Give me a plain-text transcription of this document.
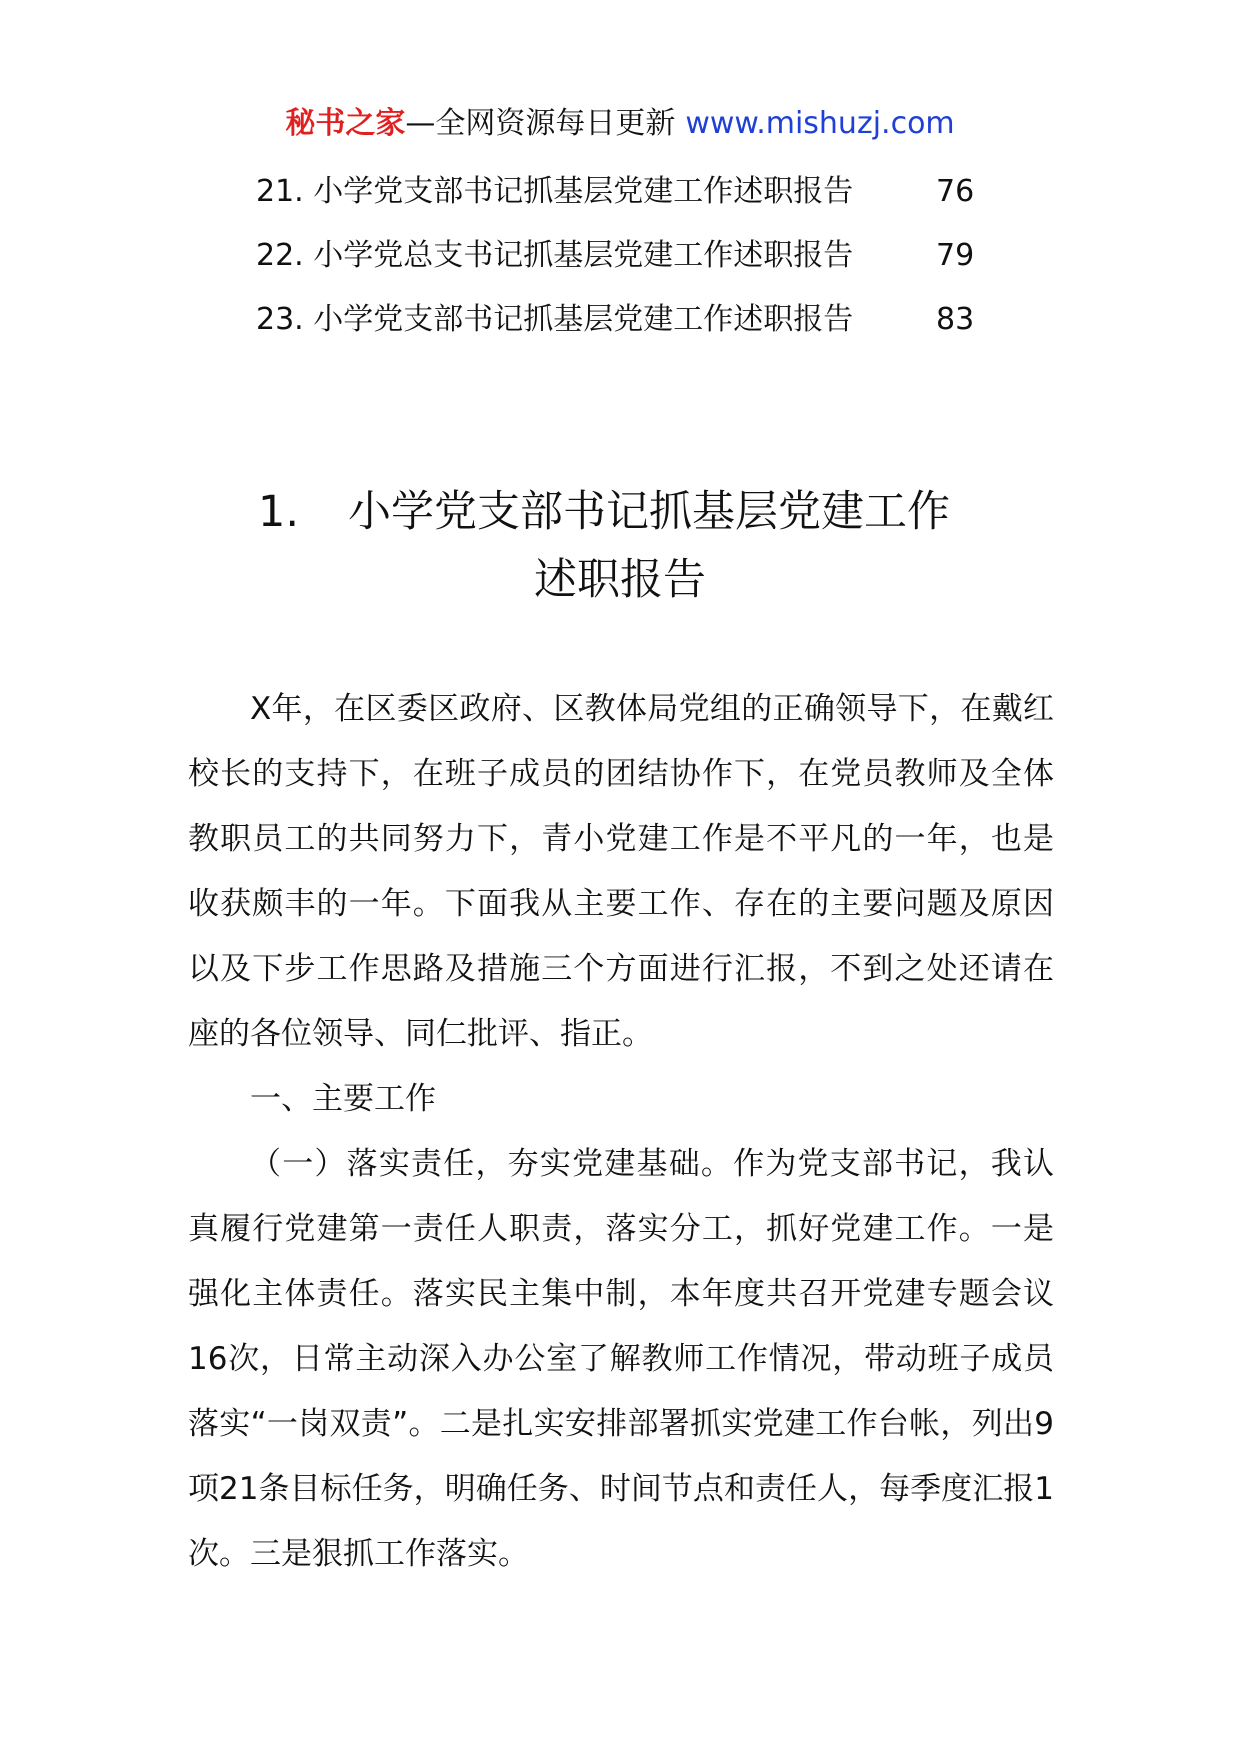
秘书之家—全网资源每日更新 www.mishuzj.com
21. 小学党支部书记抓基层党建工作述职报告	76
22. 小学党总支书记抓基层党建工作述职报告	79
23. 小学党支部书记抓基层党建工作述职报告	83
1. 小学党支部书记抓基层党建工作
述职报告

X年，在区委区政府、区教体局党组的正确领导下，在戴红校长的支持下，在班子成员的团结协作下，在党员教师及全体教职员工的共同努力下，青小党建工作是不平凡的一年，也是收获颇丰的一年。下面我从主要工作、存在的主要问题及原因以及下步工作思路及措施三个方面进行汇报，不到之处还请在座的各位领导、同仁批评、指正。

一、主要工作

（一）落实责任，夯实党建基础。作为党支部书记，我认真履行党建第一责任人职责，落实分工，抓好党建工作。一是强化主体责任。落实民主集中制，本年度共召开党建专题会议16次，日常主动深入办公室了解教师工作情况，带动班子成员落实“一岗双责”。二是扎实安排部署抓实党建工作台帐，列出9项21条目标任务，明确任务、时间节点和责任人，每季度汇报1次。三是狠抓工作落实。
